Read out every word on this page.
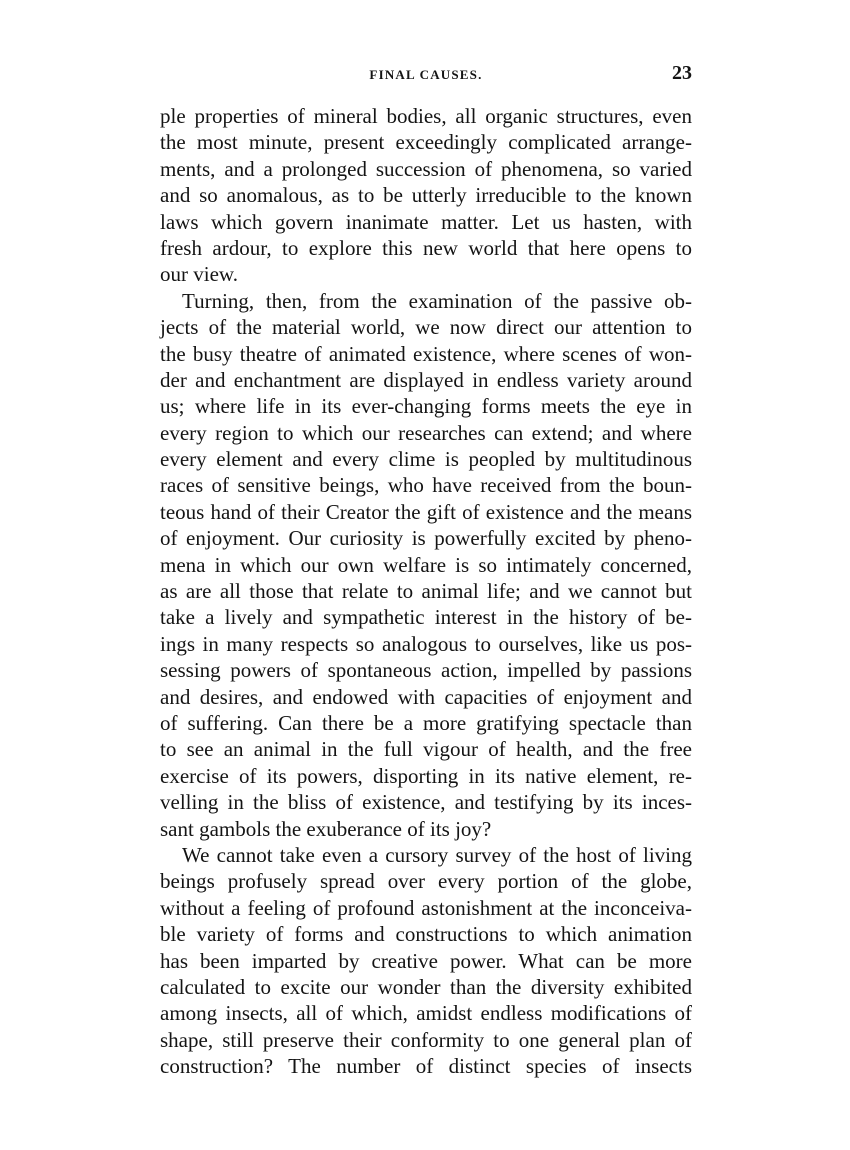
FINAL CAUSES.	23
ple properties of mineral bodies, all organic structures, even
the most minute, present exceedingly complicated arrange-
ments, and a prolonged succession of phenomena, so varied
and so anomalous, as to be utterly irreducible to the known
laws which govern inanimate matter. Let us hasten, with
fresh ardour, to explore this new world that here opens to
our view.
Turning, then, from the examination of the passive ob-
jects of the material world, we now direct our attention to
the busy theatre of animated existence, where scenes of won-
der and enchantment are displayed in endless variety around
us; where life in its ever-changing forms meets the eye in
every region to which our researches can extend; and where
every element and every clime is peopled by multitudinous
races of sensitive beings, who have received from the boun-
teous hand of their Creator the gift of existence and the means
of enjoyment. Our curiosity is powerfully excited by pheno-
mena in which our own welfare is so intimately concerned,
as are all those that relate to animal life; and we cannot but
take a lively and sympathetic interest in the history of be-
ings in many respects so analogous to ourselves, like us pos-
sessing powers of spontaneous action, impelled by passions
and desires, and endowed with capacities of enjoyment and
of suffering. Can there be a more gratifying spectacle than
to see an animal in the full vigour of health, and the free
exercise of its powers, disporting in its native element, re-
velling in the bliss of existence, and testifying by its inces-
sant gambols the exuberance of its joy?
We cannot take even a cursory survey of the host of living
beings profusely spread over every portion of the globe,
without a feeling of profound astonishment at the inconceiva-
ble variety of forms and constructions to which animation
has been imparted by creative power. What can be more
calculated to excite our wonder than the diversity exhibited
among insects, all of which, amidst endless modifications of
shape, still preserve their conformity to one general plan of
construction? The number of distinct species of insects
